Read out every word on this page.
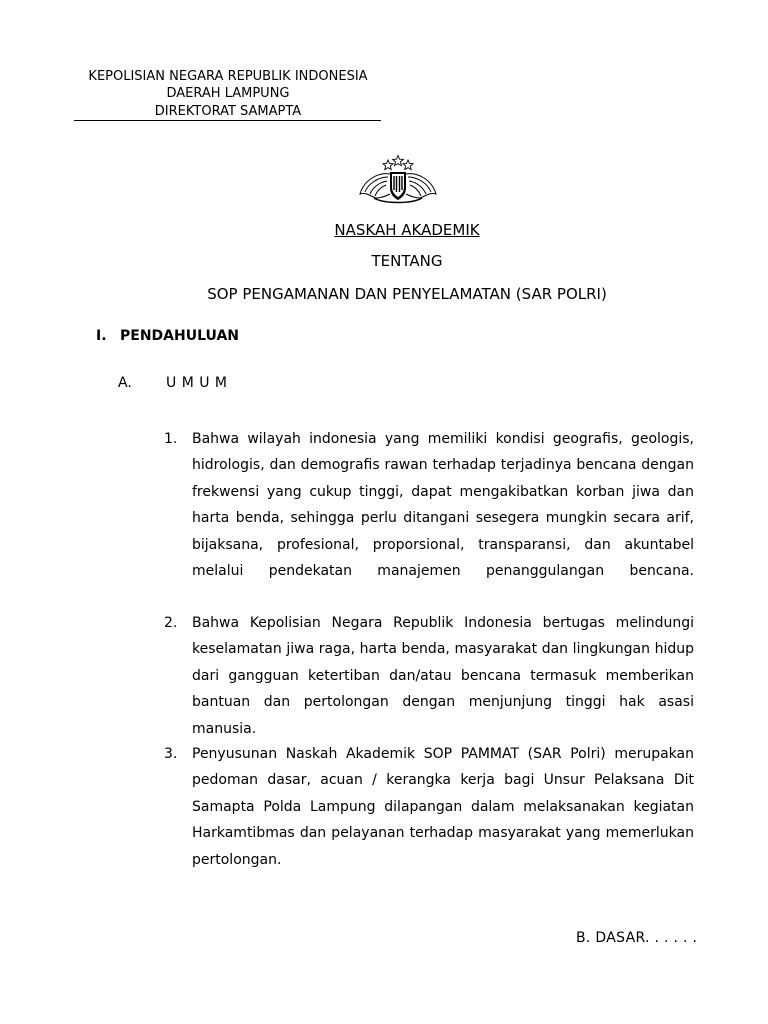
KEPOLISIAN NEGARA REPUBLIK INDONESIA
DAERAH LAMPUNG
DIREKTORAT SAMAPTA
NASKAH AKADEMIK
TENTANG
SOP PENGAMANAN DAN PENYELAMATAN (SAR POLRI)
I. PENDAHULUAN
A. U M U M
1. Bahwa wilayah indonesia yang memiliki kondisi geografis, geologis, hidrologis, dan demografis rawan terhadap terjadinya bencana dengan frekwensi yang cukup tinggi, dapat mengakibatkan korban jiwa dan harta benda, sehingga perlu ditangani sesegera mungkin secara arif, bijaksana, profesional, proporsional, transparansi, dan akuntabel melalui pendekatan manajemen penanggulangan bencana.
2. Bahwa Kepolisian Negara Republik Indonesia bertugas melindungi keselamatan jiwa raga, harta benda, masyarakat dan lingkungan hidup dari gangguan ketertiban dan/atau bencana termasuk memberikan bantuan dan pertolongan dengan menjunjung tinggi hak asasi manusia.
3. Penyusunan Naskah Akademik SOP PAMMAT (SAR Polri) merupakan pedoman dasar, acuan / kerangka kerja bagi Unsur Pelaksana Dit Samapta Polda Lampung dilapangan dalam melaksanakan kegiatan Harkamtibmas dan pelayanan terhadap masyarakat yang memerlukan pertolongan.
B. DASAR. . . . . .
